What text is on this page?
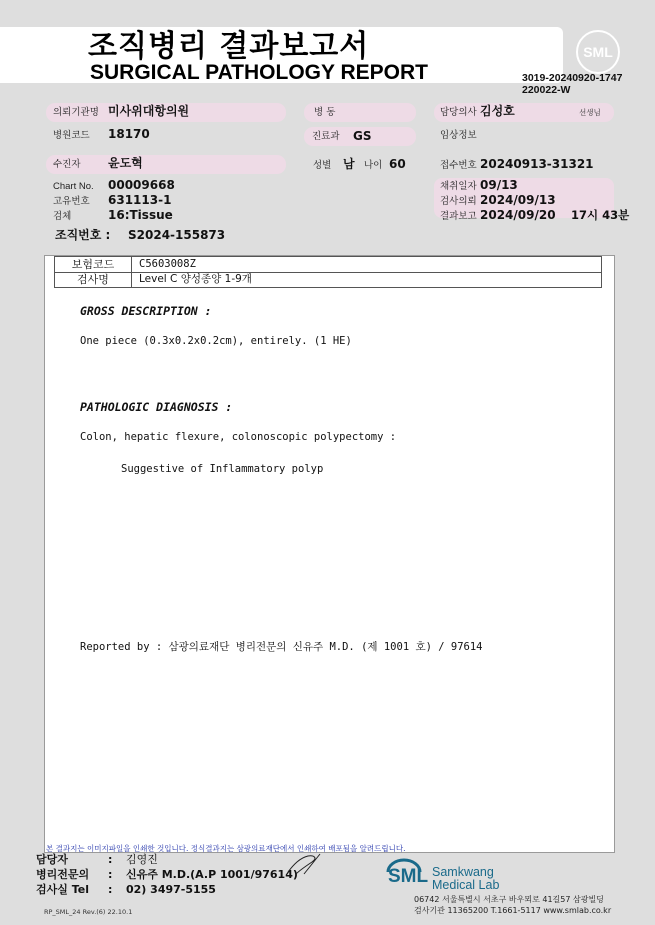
조직병리 결과보고서
SURGICAL PATHOLOGY REPORT
SML
3019-20240920-1747
220022-W
의뢰기관명 미사위대항의원	병 동	담당의사 김성호	선생님
병원코드 18170	진료과 GS	임상정보
수진자 윤도혁	성별 남 나이 60	접수번호 20240913-31321
Chart No. 00009668
고유번호 631113-1
검체	16:Tissue
채취일자 09/13
검사의뢰 2024/09/13
결과보고 2024/09/20 17시 43분
조직번호 : S2024-155873
보험코드	C5603008Z
검사명	Level C 양성종양 1-9개
GROSS DESCRIPTION :
One piece (0.3x0.2x0.2cm), entirely. (1 HE)
PATHOLOGIC DIAGNOSIS :
Colon, hepatic flexure, colonoscopic polypectomy :
Suggestive of Inflammatory polyp
Reported by : 삼광의료재단 병리전문의 신유주 M.D. (제 1001 호) / 97614
본 결과지는 이미지파일을 인쇄한 것입니다. 정식결과지는 삼광의료재단에서 인쇄하여 배포됨을 알려드립니다.
담당자	: 김영진
병리전문의 : 신유주 M.D.(A.P 1001/97614)
검사실 Tel : 02) 3497-5155
SML Samkwang
Medical Lab
06742 서울특별시 서초구 바우뫼로 41길57 삼광빌딩
검사기관 11365200 T.1661-5117 www.smlab.co.kr
RP_SML_24 Rev.(6) 22.10.1
